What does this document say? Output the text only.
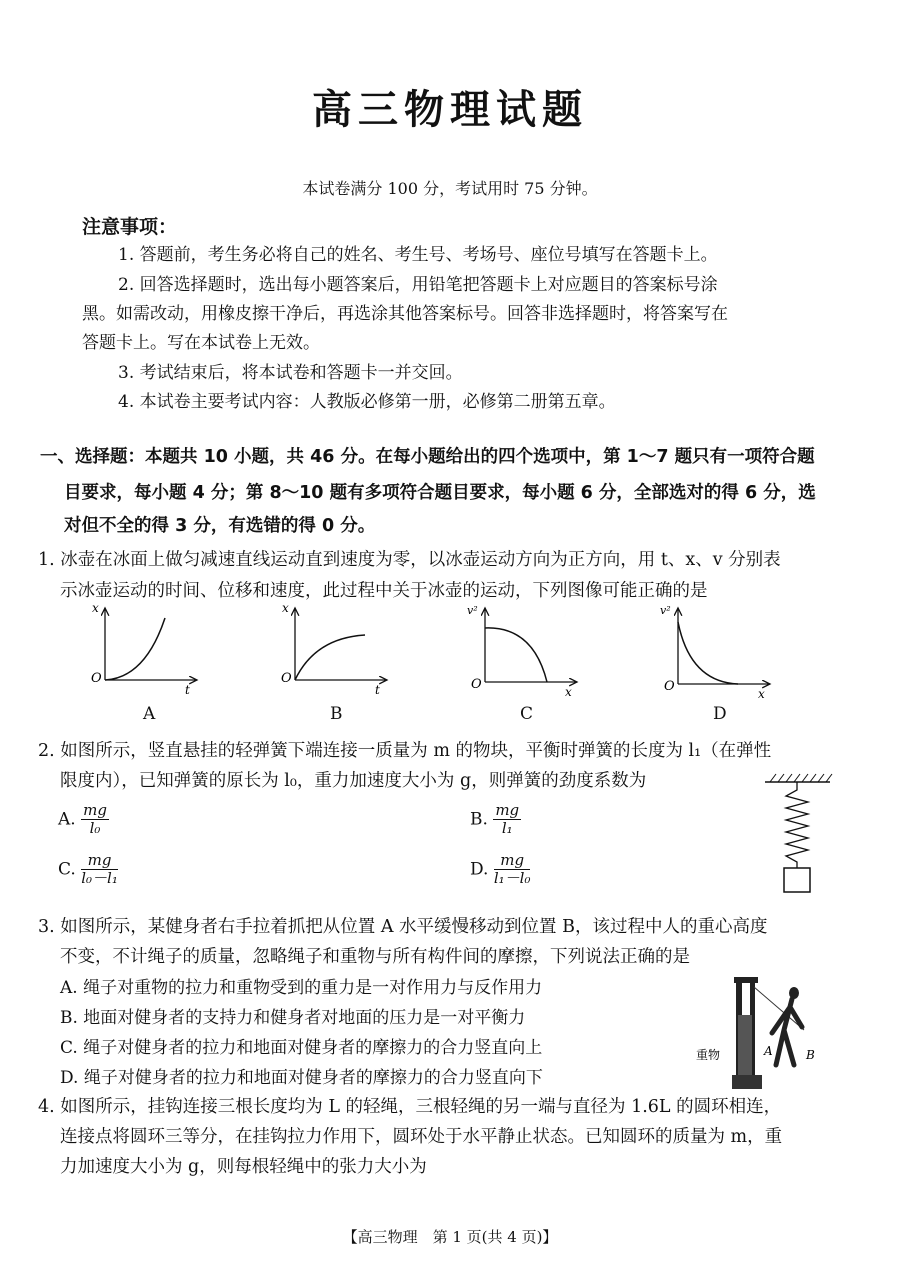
高三物理试题
本试卷满分 100 分，考试用时 75 分钟。
注意事项：
1. 答题前，考生务必将自己的姓名、考生号、考场号、座位号填写在答题卡上。
2. 回答选择题时，选出每小题答案后，用铅笔把答题卡上对应题目的答案标号涂
黑。如需改动，用橡皮擦干净后，再选涂其他答案标号。回答非选择题时，将答案写在
答题卡上。写在本试卷上无效。
3. 考试结束后，将本试卷和答题卡一并交回。
4. 本试卷主要考试内容：人教版必修第一册，必修第二册第五章。
一、选择题：本题共 10 小题，共 46 分。在每小题给出的四个选项中，第 1～7 题只有一项符合题
目要求，每小题 4 分；第 8～10 题有多项符合题目要求，每小题 6 分，全部选对的得 6 分，选
对但不全的得 3 分，有选错的得 0 分。
1. 冰壶在冰面上做匀减速直线运动直到速度为零，以冰壶运动方向为正方向，用 t、x、v 分别表
示冰壶运动的时间、位移和速度，此过程中关于冰壶的运动，下列图像可能正确的是
x
t
O
A
x
t
O
B
v²
x
O
C
v²
x
O
D
2. 如图所示，竖直悬挂的轻弹簧下端连接一质量为 m 的物块，平衡时弹簧的长度为 l₁（在弹性
限度内），已知弹簧的原长为 l₀，重力加速度大小为 g，则弹簧的劲度系数为
A. $\frac{mg}{\text{l₀}}$	B. $\frac{mg}{\text{l₁}}$
C. $\frac{mg}{\text{l₀－l₁}}$	D. $\frac{mg}{\text{l₁－l₀}}$
3. 如图所示，某健身者右手拉着抓把从位置 A 水平缓慢移动到位置 B，该过程中人的重心高度
不变，不计绳子的质量，忽略绳子和重物与所有构件间的摩擦，下列说法正确的是
A. 绳子对重物的拉力和重物受到的重力是一对作用力与反作用力
B. 地面对健身者的支持力和健身者对地面的压力是一对平衡力
C. 绳子对健身者的拉力和地面对健身者的摩擦力的合力竖直向上
D. 绳子对健身者的拉力和地面对健身者的摩擦力的合力竖直向下
重物	A	B
4. 如图所示，挂钩连接三根长度均为 L 的轻绳，三根轻绳的另一端与直径为 1.6L 的圆环相连，
连接点将圆环三等分，在挂钩拉力作用下，圆环处于水平静止状态。已知圆环的质量为 m，重
力加速度大小为 g，则每根轻绳中的张力大小为
【高三物理　第 1 页(共 4 页)】
